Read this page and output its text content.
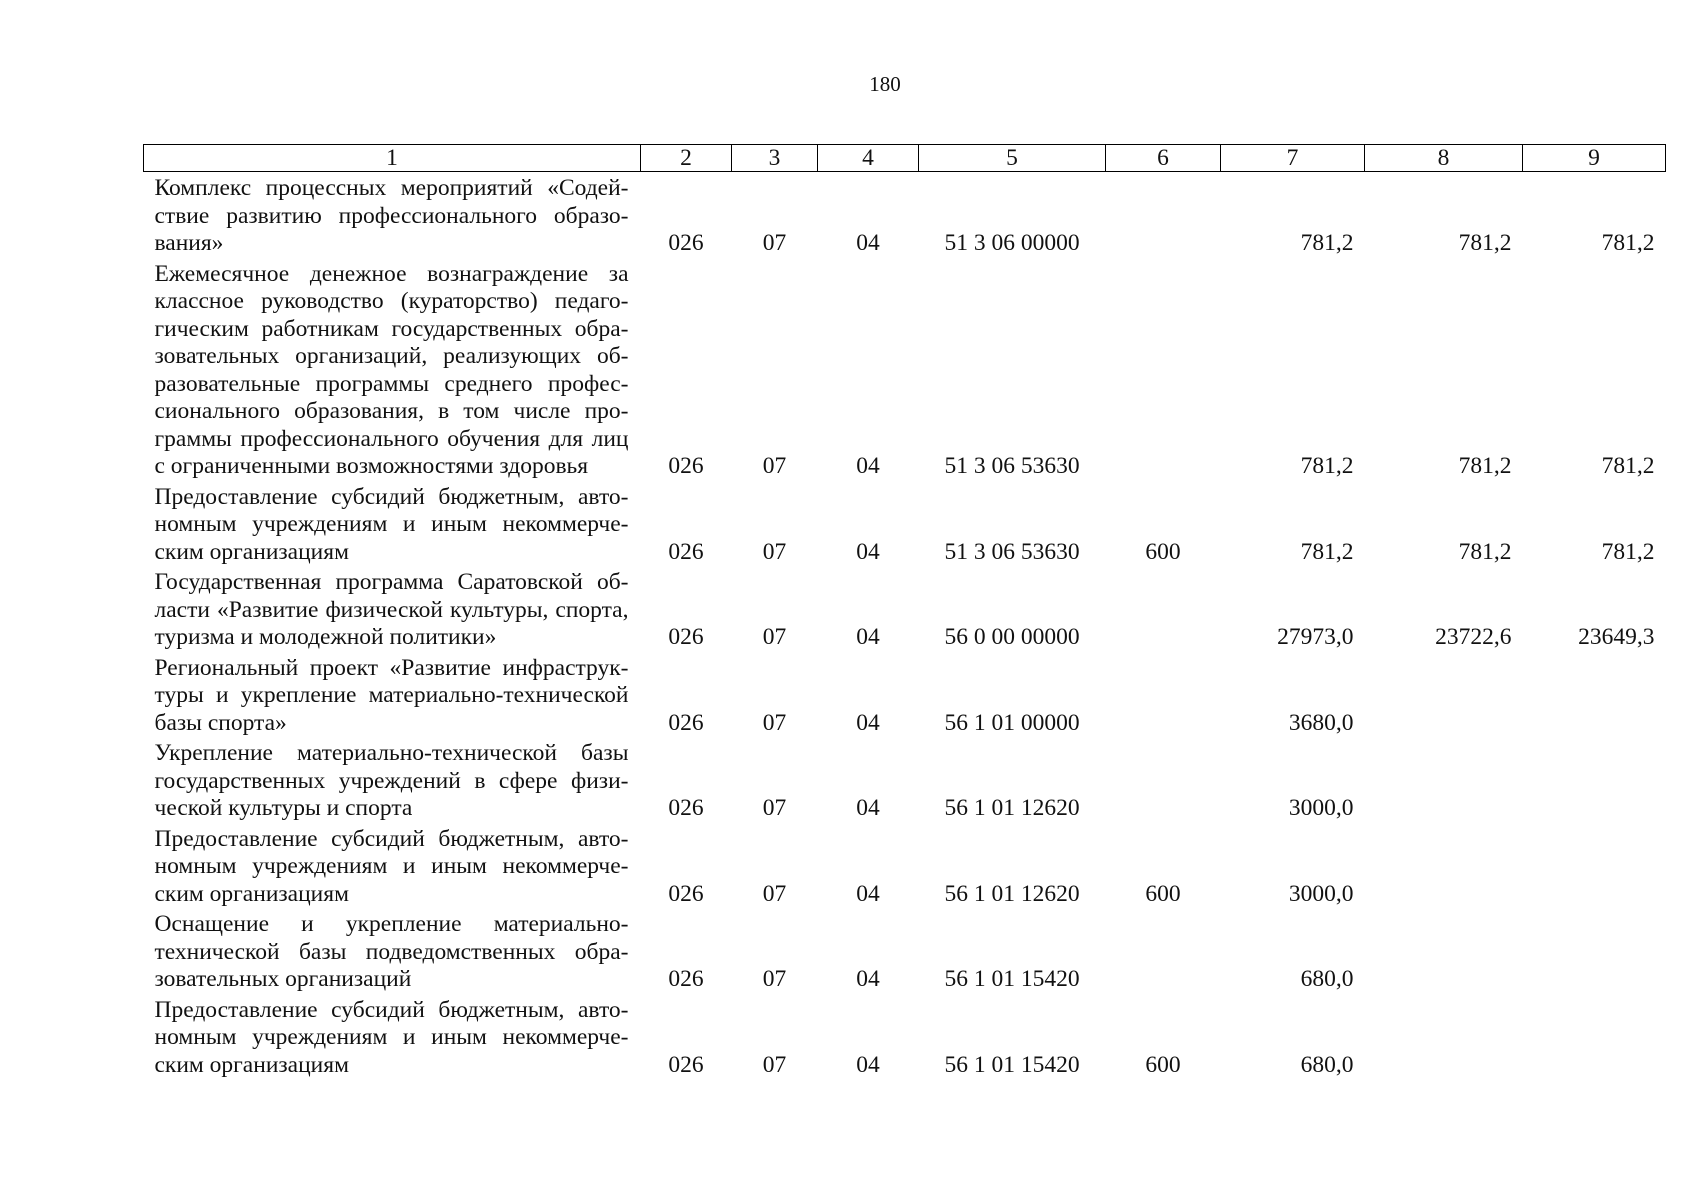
180
1	2	3	4	5	6	7	8	9
Комплекс процессных мероприятий «Содействие развитию профессионального образования»	026	07	04	51 3 06 00000		781,2	781,2	781,2
Ежемесячное денежное вознаграждение за классное руководство (кураторство) педагогическим работникам государственных образовательных организаций, реализующих образовательные программы среднего профессионального образования, в том числе программы профессионального обучения для лиц с ограниченными возможностями здоровья	026	07	04	51 3 06 53630		781,2	781,2	781,2
Предоставление субсидий бюджетным, автономным учреждениям и иным некоммерческим организациям	026	07	04	51 3 06 53630	600	781,2	781,2	781,2
Государственная программа Саратовской области «Развитие физической культуры, спорта, туризма и молодежной политики»	026	07	04	56 0 00 00000		27973,0	23722,6	23649,3
Региональный проект «Развитие инфраструктуры и укрепление материально-технической базы спорта»	026	07	04	56 1 01 00000		3680,0		
Укрепление материально-технической базы государственных учреждений в сфере физической культуры и спорта	026	07	04	56 1 01 12620		3000,0		
Предоставление субсидий бюджетным, автономным учреждениям и иным некоммерческим организациям	026	07	04	56 1 01 12620	600	3000,0		
Оснащение и укрепление материально-технической базы подведомственных образовательных организаций	026	07	04	56 1 01 15420		680,0		
Предоставление субсидий бюджетным, автономным учреждениям и иным некоммерческим организациям	026	07	04	56 1 01 15420	600	680,0		
